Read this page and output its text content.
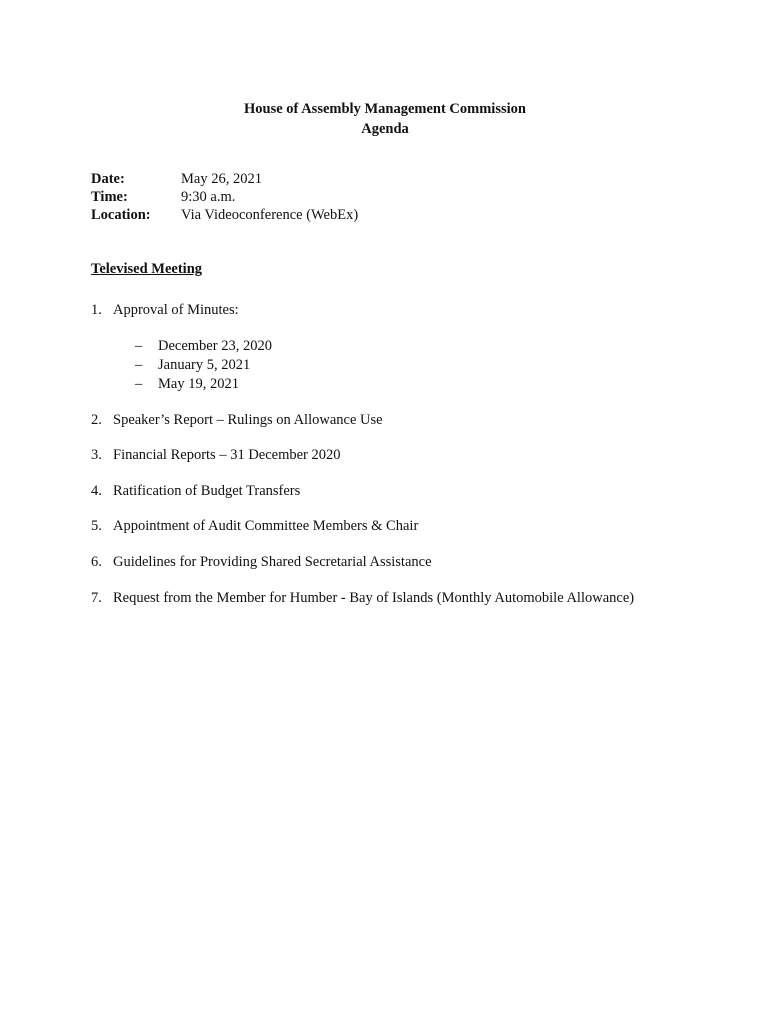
House of Assembly Management Commission
Agenda
Date:	May 26, 2021
Time:	9:30 a.m.
Location:	Via Videoconference (WebEx)
Televised Meeting
1. Approval of Minutes:
–	December 23, 2020
–	January 5, 2021
–	May 19, 2021
2. Speaker’s Report – Rulings on Allowance Use
3. Financial Reports – 31 December 2020
4. Ratification of Budget Transfers
5. Appointment of Audit Committee Members & Chair
6. Guidelines for Providing Shared Secretarial Assistance
7. Request from the Member for Humber - Bay of Islands (Monthly Automobile Allowance)
